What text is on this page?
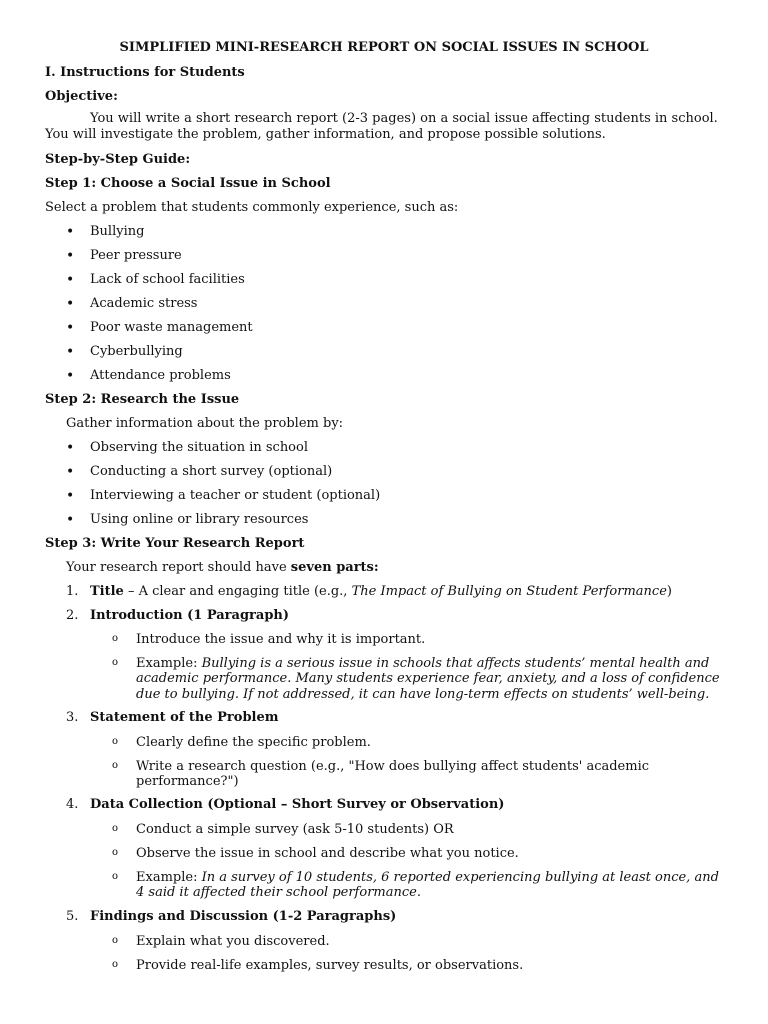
SIMPLIFIED MINI-RESEARCH REPORT ON SOCIAL ISSUES IN SCHOOL

I. Instructions for Students

Objective:

You will write a short research report (2-3 pages) on a social issue affecting students in school. You will investigate the problem, gather information, and propose possible solutions.

Step-by-Step Guide:

Step 1: Choose a Social Issue in School

Select a problem that students commonly experience, such as:

• Bullying
• Peer pressure
• Lack of school facilities
• Academic stress
• Poor waste management
• Cyberbullying
• Attendance problems

Step 2: Research the Issue

Gather information about the problem by:

• Observing the situation in school
• Conducting a short survey (optional)
• Interviewing a teacher or student (optional)
• Using online or library resources

Step 3: Write Your Research Report

Your research report should have seven parts:

1. Title – A clear and engaging title (e.g., The Impact of Bullying on Student Performance)
2. Introduction (1 Paragraph)
o Introduce the issue and why it is important.
o Example: Bullying is a serious issue in schools that affects students’ mental health and academic performance. Many students experience fear, anxiety, and a loss of confidence due to bullying. If not addressed, it can have long-term effects on students’ well-being.
3. Statement of the Problem
o Clearly define the specific problem.
o Write a research question (e.g., "How does bullying affect students' academic performance?")
4. Data Collection (Optional – Short Survey or Observation)
o Conduct a simple survey (ask 5-10 students) OR
o Observe the issue in school and describe what you notice.
o Example: In a survey of 10 students, 6 reported experiencing bullying at least once, and 4 said it affected their school performance.
5. Findings and Discussion (1-2 Paragraphs)
o Explain what you discovered.
o Provide real-life examples, survey results, or observations.
